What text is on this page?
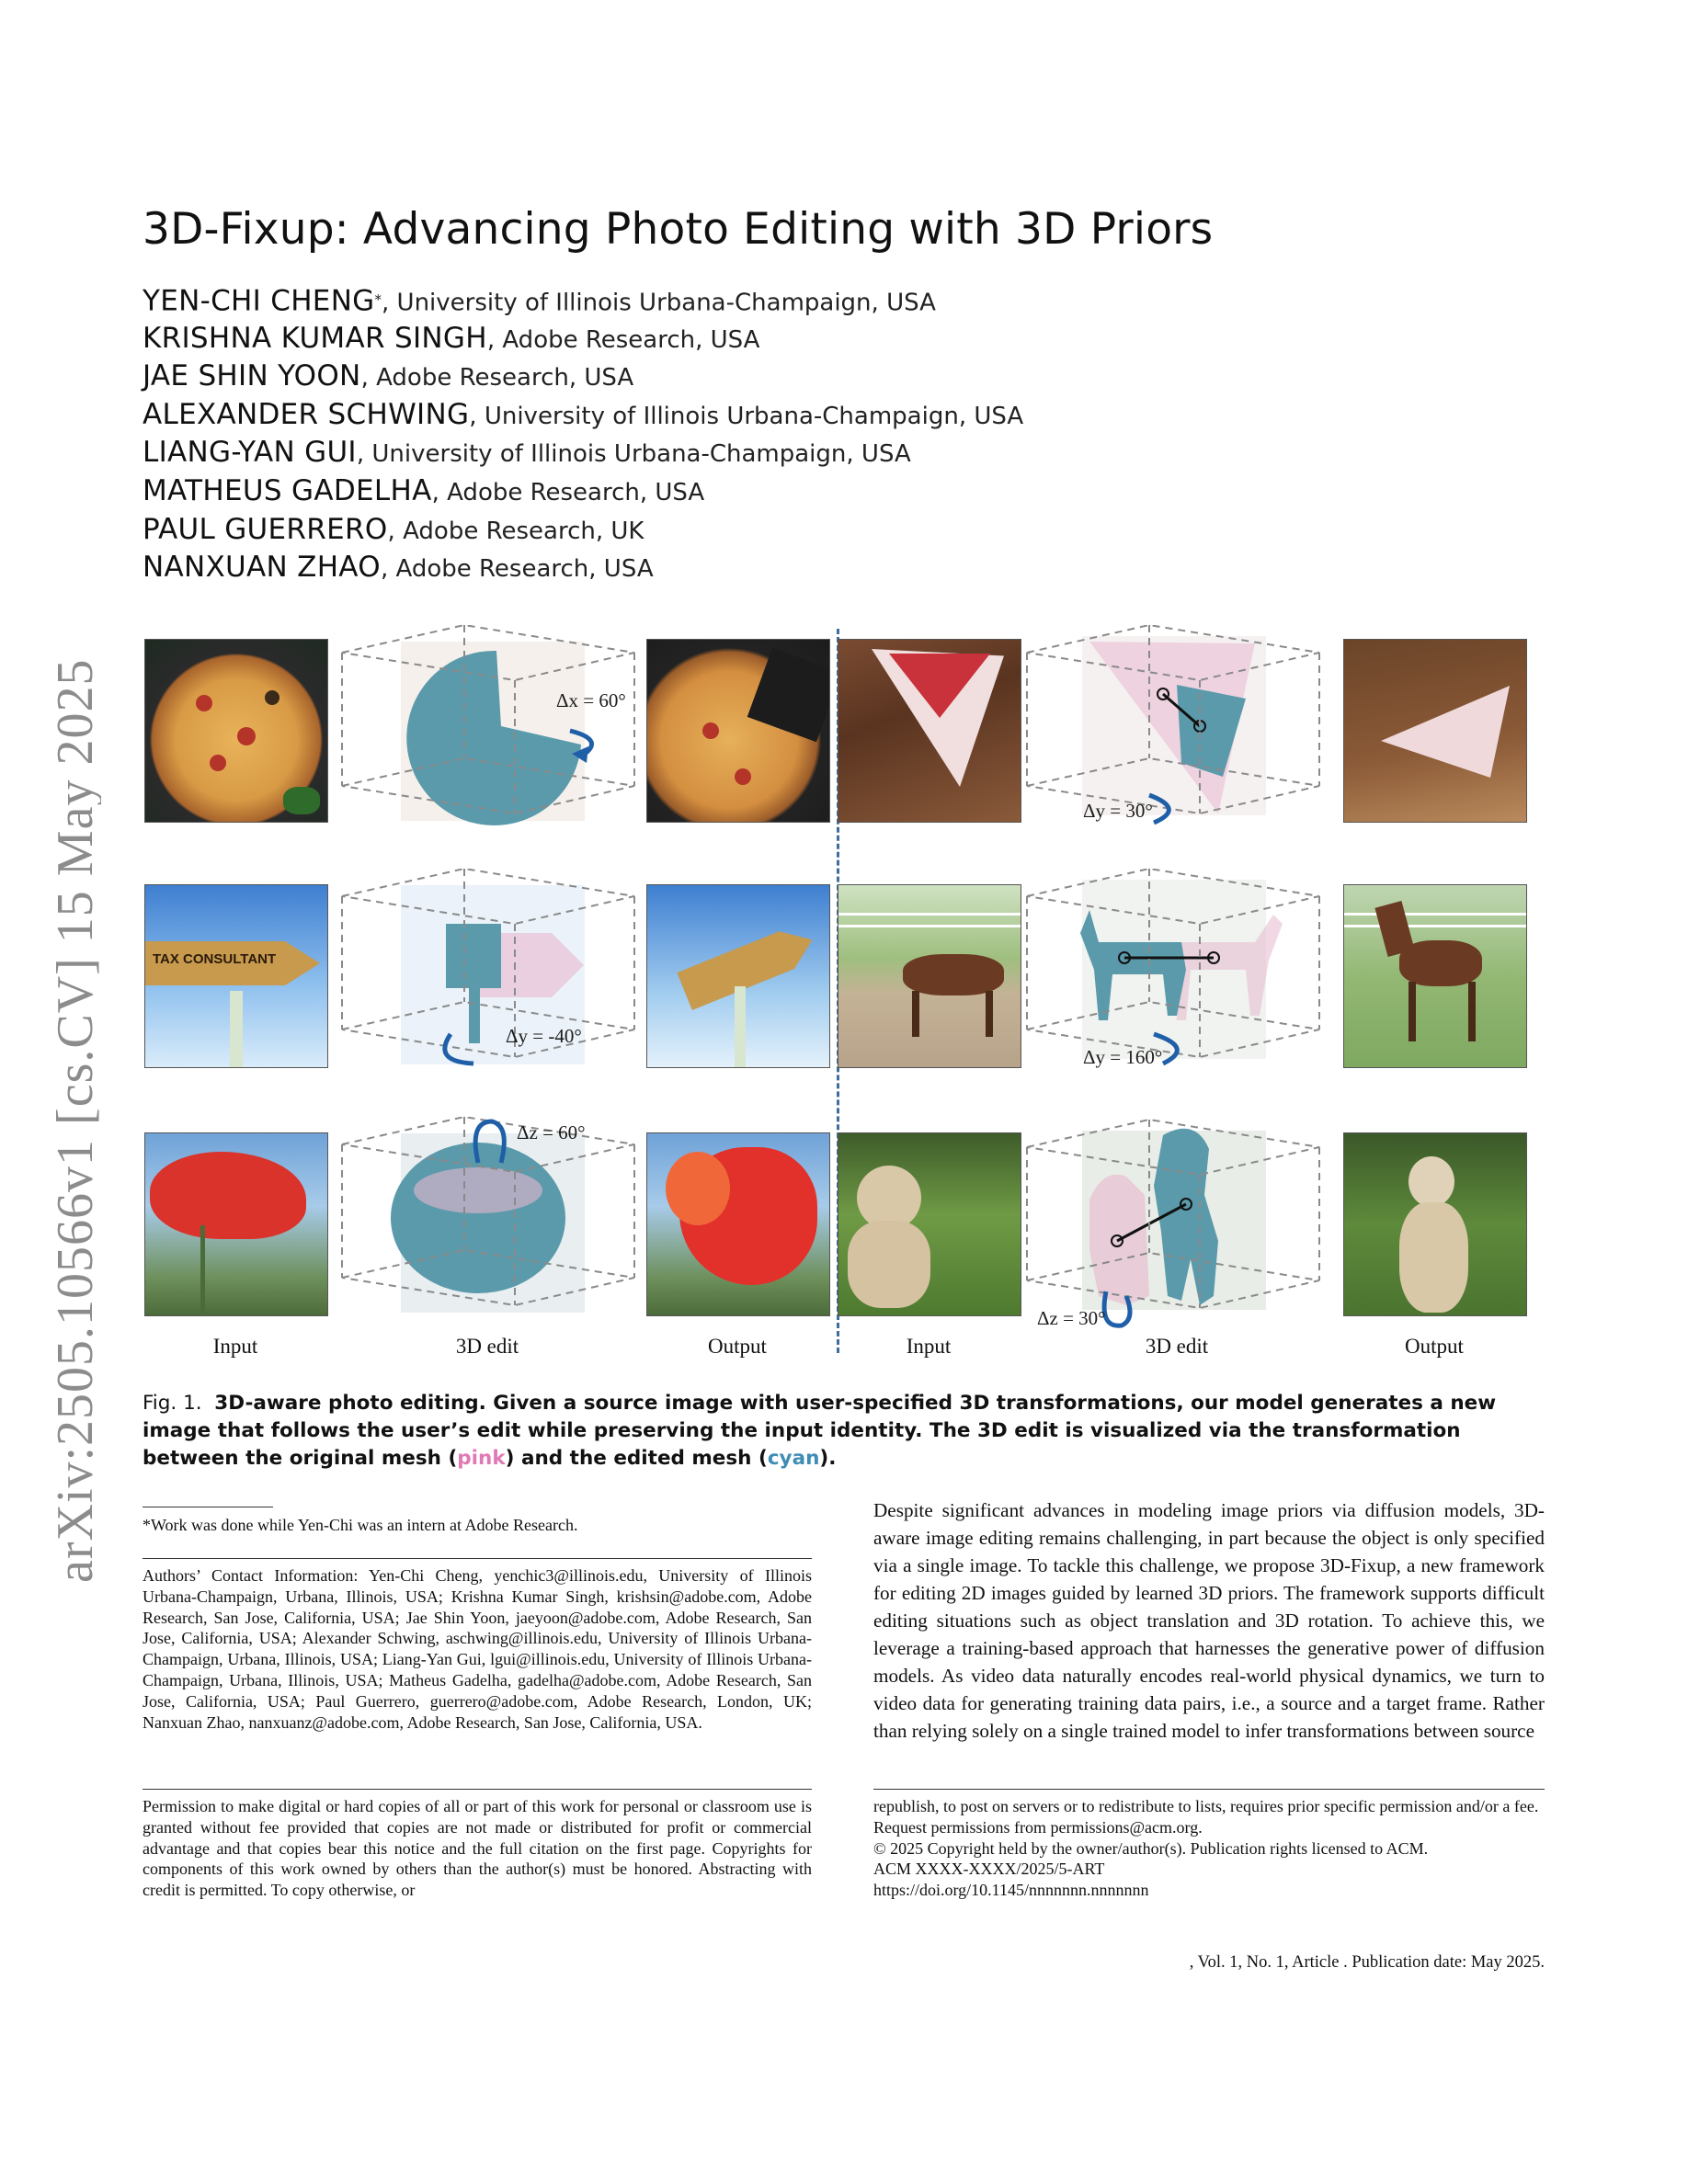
arXiv:2505.10566v1 [cs.CV] 15 May 2025
3D-Fixup: Advancing Photo Editing with 3D Priors
YEN-CHI CHENG*, University of Illinois Urbana-Champaign, USA
KRISHNA KUMAR SINGH, Adobe Research, USA
JAE SHIN YOON, Adobe Research, USA
ALEXANDER SCHWING, University of Illinois Urbana-Champaign, USA
LIANG-YAN GUI, University of Illinois Urbana-Champaign, USA
MATHEUS GADELHA, Adobe Research, USA
PAUL GUERRERO, Adobe Research, UK
NANXUAN ZHAO, Adobe Research, USA
Δx = 60°
Δy = 30°
TAX CONSULTANT
Δy = -40°
Δy = 160°
Δz = 60°
Δz = 30°
Input	3D edit	Output	Input	3D edit	Output
Fig. 1. 3D-aware photo editing. Given a source image with user-specified 3D transformations, our model generates a new image that follows the user’s edit while preserving the input identity. The 3D edit is visualized via the transformation between the original mesh (pink) and the edited mesh (cyan).
*Work was done while Yen-Chi was an intern at Adobe Research.
Authors’ Contact Information: Yen-Chi Cheng, yenchic3@illinois.edu, University of Illinois Urbana-Champaign, Urbana, Illinois, USA; Krishna Kumar Singh, krishsin@adobe.com, Adobe Research, San Jose, California, USA; Jae Shin Yoon, jaeyoon@adobe.com, Adobe Research, San Jose, California, USA; Alexander Schwing, aschwing@illinois.edu, University of Illinois Urbana-Champaign, Urbana, Illinois, USA; Liang-Yan Gui, lgui@illinois.edu, University of Illinois Urbana-Champaign, Urbana, Illinois, USA; Matheus Gadelha, gadelha@adobe.com, Adobe Research, San Jose, California, USA; Paul Guerrero, guerrero@adobe.com, Adobe Research, London, UK; Nanxuan Zhao, nanxuanz@adobe.com, Adobe Research, San Jose, California, USA.
Permission to make digital or hard copies of all or part of this work for personal or classroom use is granted without fee provided that copies are not made or distributed for profit or commercial advantage and that copies bear this notice and the full citation on the first page. Copyrights for components of this work owned by others than the author(s) must be honored. Abstracting with credit is permitted. To copy otherwise, or
Despite significant advances in modeling image priors via diffusion models, 3D-aware image editing remains challenging, in part because the object is only specified via a single image. To tackle this challenge, we propose 3D-Fixup, a new framework for editing 2D images guided by learned 3D priors. The framework supports difficult editing situations such as object translation and 3D rotation. To achieve this, we leverage a training-based approach that harnesses the generative power of diffusion models. As video data naturally encodes real-world physical dynamics, we turn to video data for generating training data pairs, i.e., a source and a target frame. Rather than relying solely on a single trained model to infer transformations between source
republish, to post on servers or to redistribute to lists, requires prior specific permission and/or a fee. Request permissions from permissions@acm.org.
© 2025 Copyright held by the owner/author(s). Publication rights licensed to ACM.
ACM XXXX-XXXX/2025/5-ART
https://doi.org/10.1145/nnnnnnn.nnnnnnn
, Vol. 1, No. 1, Article . Publication date: May 2025.
